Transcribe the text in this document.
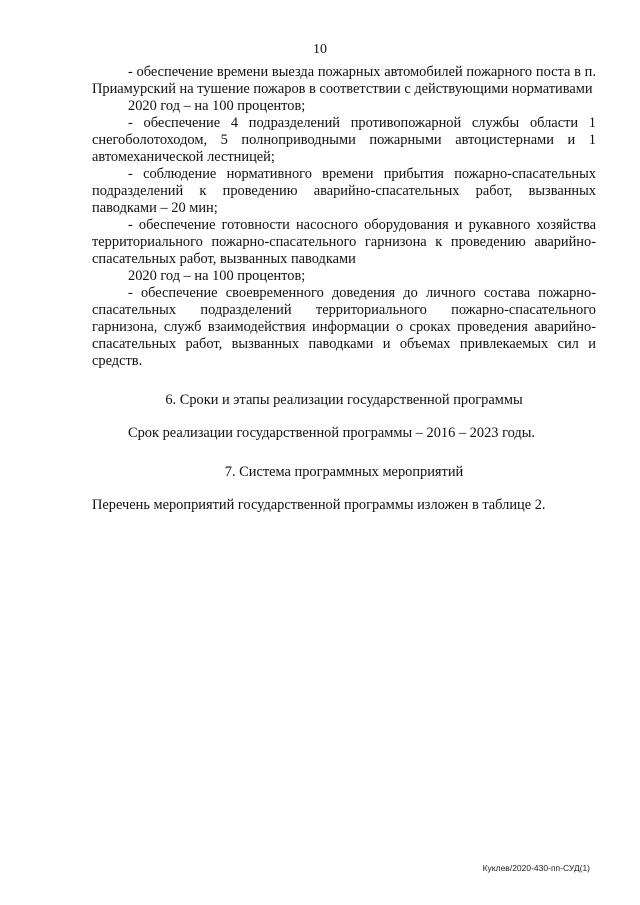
10

- обеспечение времени выезда пожарных автомобилей пожарного поста в п. Приамурский на тушение пожаров в соответствии с действующими нормативами

2020 год – на 100 процентов;

- обеспечение 4 подразделений противопожарной службы области 1 снегоболотоходом, 5 полноприводными пожарными автоцистернами и 1 автомеханической лестницей;

- соблюдение нормативного времени прибытия пожарно-спасательных подразделений к проведению аварийно-спасательных работ, вызванных паводками – 20 мин;

- обеспечение готовности насосного оборудования и рукавного хозяйства территориального пожарно-спасательного гарнизона к проведению аварийно-спасательных работ, вызванных паводками

2020 год – на 100 процентов;

- обеспечение своевременного доведения до личного состава пожарно-спасательных подразделений территориального пожарно-спасательного гарнизона, служб взаимодействия информации о сроках проведения аварийно-спасательных работ, вызванных паводками и объемах привлекаемых сил и средств.

6. Сроки и этапы реализации государственной программы

Срок реализации государственной программы – 2016 – 2023 годы.

7. Система программных мероприятий

Перечень мероприятий государственной программы изложен в таблице 2.

Куклев/2020-430-пп-СУД(1)
